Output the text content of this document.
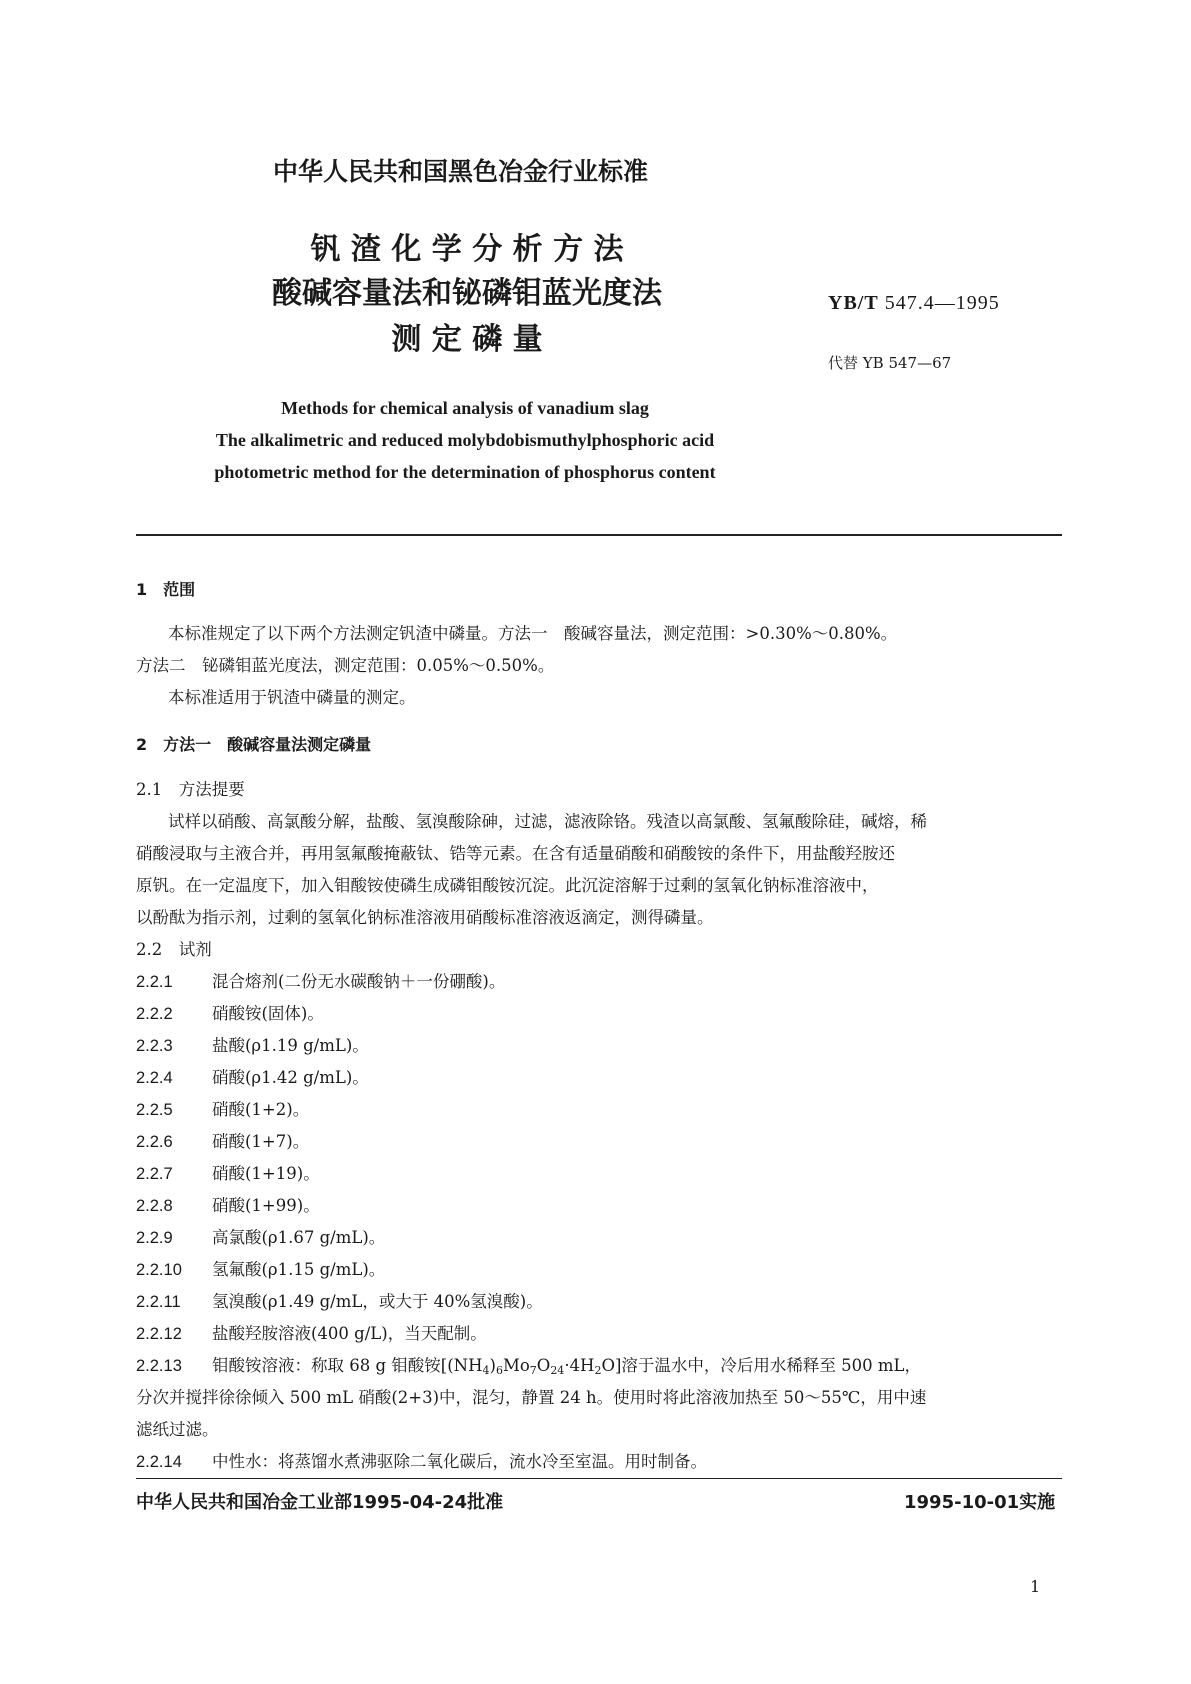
中华人民共和国黑色冶金行业标准
钒 渣 化 学 分 析 方 法
酸碱容量法和铋磷钼蓝光度法
测 定 磷 量
YB/T 547.4—1995
代替 YB 547—67
Methods for chemical analysis of vanadium slag
The alkalimetric and reduced molybdobismuthylphosphoric acid
photometric method for the determination of phosphorus content
1　范围
本标准规定了以下两个方法测定钒渣中磷量。方法一　酸碱容量法，测定范围：>0.30%～0.80%。
方法二　铋磷钼蓝光度法，测定范围：0.05%～0.50%。
本标准适用于钒渣中磷量的测定。
2　方法一　酸碱容量法测定磷量
2.1　方法提要
试样以硝酸、高氯酸分解，盐酸、氢溴酸除砷，过滤，滤液除铬。残渣以高氯酸、氢氟酸除硅，碱熔，稀
硝酸浸取与主液合并，再用氢氟酸掩蔽钛、锆等元素。在含有适量硝酸和硝酸铵的条件下，用盐酸羟胺还
原钒。在一定温度下，加入钼酸铵使磷生成磷钼酸铵沉淀。此沉淀溶解于过剩的氢氧化钠标准溶液中，
以酚酞为指示剂，过剩的氢氧化钠标准溶液用硝酸标准溶液返滴定，测得磷量。
2.2　试剂
2.2.1 混合熔剂(二份无水碳酸钠＋一份硼酸)。
2.2.2 硝酸铵(固体)。
2.2.3 盐酸(ρ1.19 g/mL)。
2.2.4 硝酸(ρ1.42 g/mL)。
2.2.5 硝酸(1+2)。
2.2.6 硝酸(1+7)。
2.2.7 硝酸(1+19)。
2.2.8 硝酸(1+99)。
2.2.9 高氯酸(ρ1.67 g/mL)。
2.2.10 氢氟酸(ρ1.15 g/mL)。
2.2.11 氢溴酸(ρ1.49 g/mL，或大于 40%氢溴酸)。
2.2.12 盐酸羟胺溶液(400 g/L)，当天配制。
2.2.13 钼酸铵溶液：称取 68 g 钼酸铵$[(NH_4)_6Mo_7O_{24}\cdot 4H_2O]$溶于温水中，冷后用水稀释至 500 mL，
分次并搅拌徐徐倾入 500 mL 硝酸(2+3)中，混匀，静置 24 h。使用时将此溶液加热至 50～55℃，用中速
滤纸过滤。
2.2.14 中性水：将蒸馏水煮沸驱除二氧化碳后，流水冷至室温。用时制备。
中华人民共和国冶金工业部1995-04-24批准	1995-10-01实施
1
